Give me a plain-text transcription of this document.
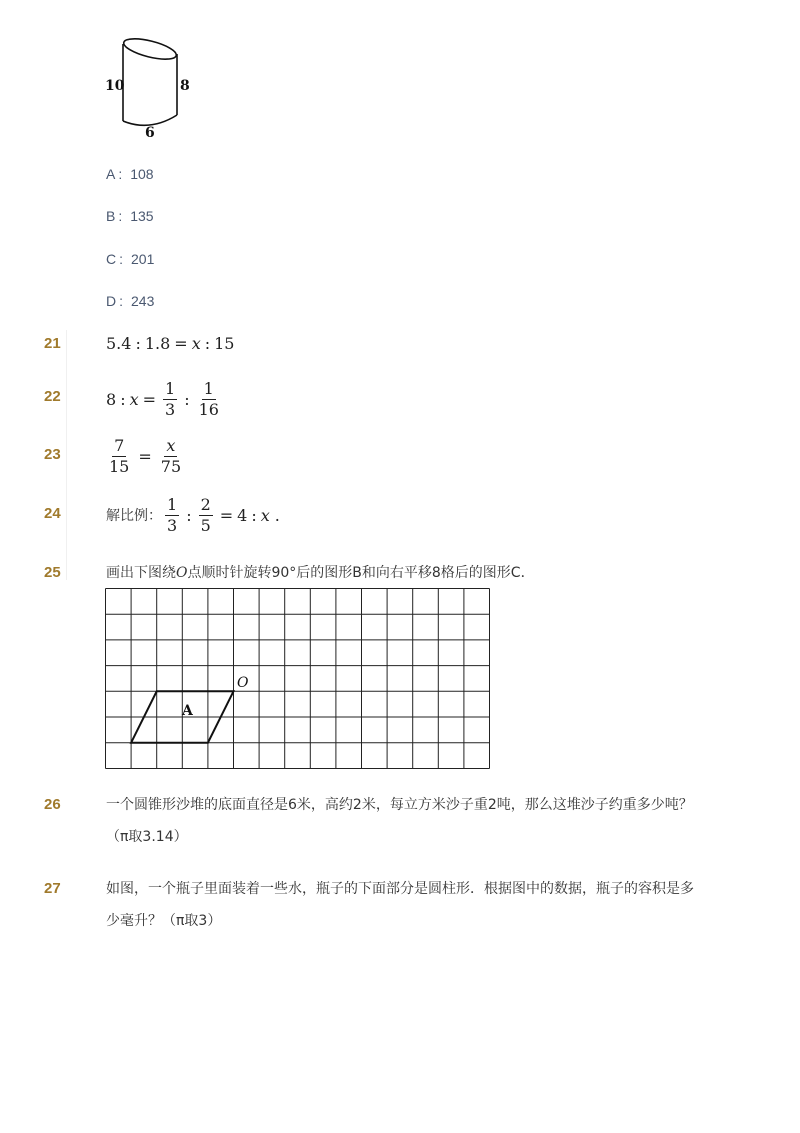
10	8
6
A : 108
B : 135
C : 201
D : 243
21	5.4 : 1.8 = x : 15
22	8 : $x = \frac{1}{3}$ : $\frac{1}{16}$
23	$\frac{7}{15} = \frac{x}{75}$
24	解比例： $\frac{1}{3}$ : $\frac{2}{5} = 4$ : x .
25	画出下图绕O点顺时针旋转90°后的图形B和向右平移8格后的图形C．
A
O
26	一个圆锥形沙堆的底面直径是6米，高约2米，每立方米沙子重2吨，那么这堆沙子约重多少吨？
（π取3.14）
27	如图，一个瓶子里面装着一些水，瓶子的下面部分是圆柱形．根据图中的数据，瓶子的容积是多
少毫升？（π取3）
